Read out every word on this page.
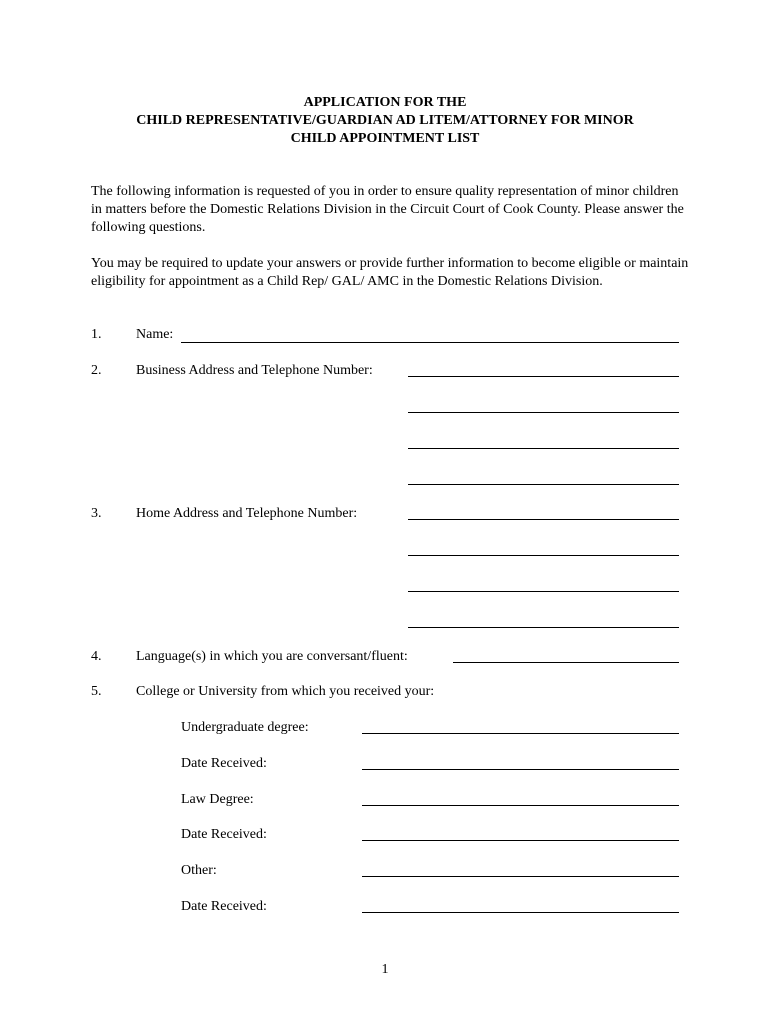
APPLICATION FOR THE
CHILD REPRESENTATIVE/GUARDIAN AD LITEM/ATTORNEY FOR MINOR
CHILD APPOINTMENT LIST
The following information is requested of you in order to ensure quality representation of minor children in matters before the Domestic Relations Division in the Circuit Court of Cook County. Please answer the following questions.
You may be required to update your answers or provide further information to become eligible or maintain eligibility for appointment as a Child Rep/ GAL/ AMC in the Domestic Relations Division.
1. Name:
2. Business Address and Telephone Number:
3. Home Address and Telephone Number:
4. Language(s) in which you are conversant/fluent:
5. College or University from which you received your:
Undergraduate degree:
Date Received:
Law Degree:
Date Received:
Other:
Date Received:
1
